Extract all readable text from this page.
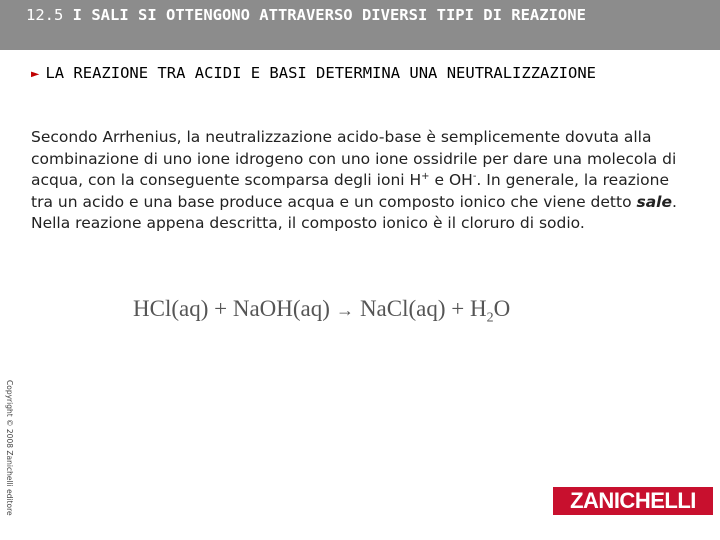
12.5 I SALI SI OTTENGONO ATTRAVERSO DIVERSI TIPI DI REAZIONE
► LA REAZIONE TRA ACIDI E BASI DETERMINA UNA NEUTRALIZZAZIONE
Secondo Arrhenius, la neutralizzazione acido-base è semplicemente dovuta alla combinazione di uno ione idrogeno con uno ione ossidrile per dare una molecola di acqua, con la conseguente scomparsa degli ioni H+ e OH-. In generale, la reazione tra un acido e una base produce acqua e un composto ionico che viene detto sale. Nella reazione appena descritta, il composto ionico è il cloruro di sodio.
HCl(aq) + NaOH(aq) → NaCl(aq) + $H_2O$
Copyright © 2008 Zanichelli editore	ZANICHELLI
